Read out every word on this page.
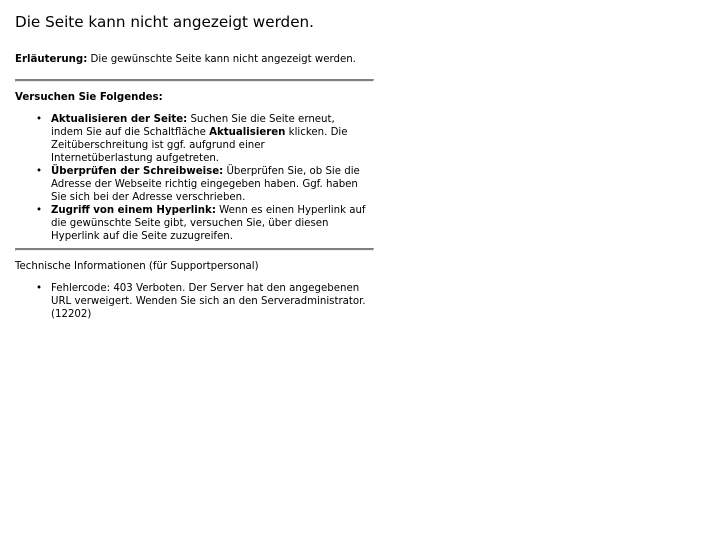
Die Seite kann nicht angezeigt werden.

Erläuterung: Die gewünschte Seite kann nicht angezeigt werden.

Versuchen Sie Folgendes:

• Aktualisieren der Seite: Suchen Sie die Seite erneut, indem Sie auf die Schaltfläche Aktualisieren klicken. Die Zeitüberschreitung ist ggf. aufgrund einer Internetüberlastung aufgetreten.
• Überprüfen der Schreibweise: Überprüfen Sie, ob Sie die Adresse der Webseite richtig eingegeben haben. Ggf. haben Sie sich bei der Adresse verschrieben.
• Zugriff von einem Hyperlink: Wenn es einen Hyperlink auf die gewünschte Seite gibt, versuchen Sie, über diesen Hyperlink auf die Seite zuzugreifen.

Technische Informationen (für Supportpersonal)

• Fehlercode: 403 Verboten. Der Server hat den angegebenen URL verweigert. Wenden Sie sich an den Serveradministrator. (12202)
